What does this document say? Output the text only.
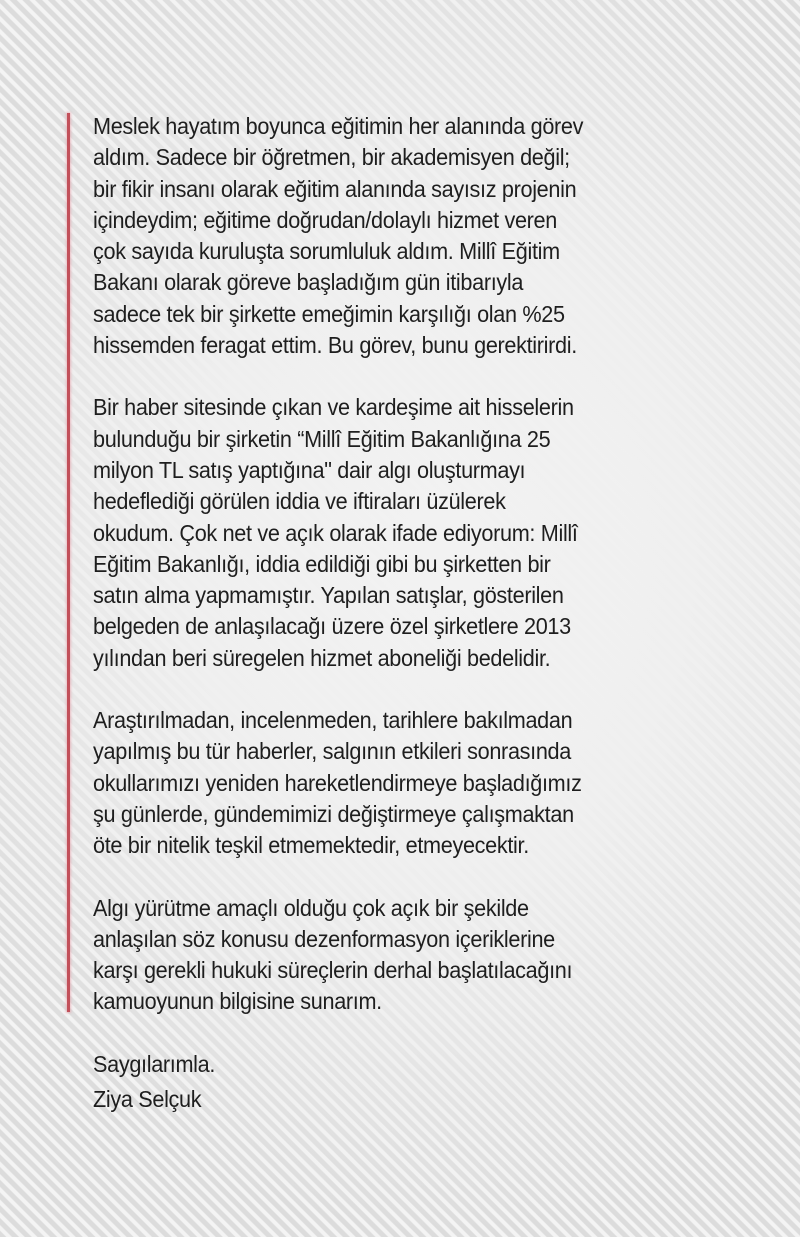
Meslek hayatım boyunca eğitimin her alanında görev
aldım. Sadece bir öğretmen, bir akademisyen değil;
bir fikir insanı olarak eğitim alanında sayısız projenin
içindeydim; eğitime doğrudan/dolaylı hizmet veren
çok sayıda kuruluşta sorumluluk aldım. Millî Eğitim
Bakanı olarak göreve başladığım gün itibarıyla
sadece tek bir şirkette emeğimin karşılığı olan %25
hissemden feragat ettim. Bu görev, bunu gerektirirdi.

Bir haber sitesinde çıkan ve kardeşime ait hisselerin
bulunduğu bir şirketin “Millî Eğitim Bakanlığına 25
milyon TL satış yaptığına" dair algı oluşturmayı
hedeflediği görülen iddia ve iftiraları üzülerek
okudum. Çok net ve açık olarak ifade ediyorum: Millî
Eğitim Bakanlığı, iddia edildiği gibi bu şirketten bir
satın alma yapmamıştır. Yapılan satışlar, gösterilen
belgeden de anlaşılacağı üzere özel şirketlere 2013
yılından beri süregelen hizmet aboneliği bedelidir.

Araştırılmadan, incelenmeden, tarihlere bakılmadan
yapılmış bu tür haberler, salgının etkileri sonrasında
okullarımızı yeniden hareketlendirmeye başladığımız
şu günlerde, gündemimizi değiştirmeye çalışmaktan
öte bir nitelik teşkil etmemektedir, etmeyecektir.

Algı yürütme amaçlı olduğu çok açık bir şekilde
anlaşılan söz konusu dezenformasyon içeriklerine
karşı gerekli hukuki süreçlerin derhal başlatılacağını
kamuoyunun bilgisine sunarım.

Saygılarımla.
Ziya Selçuk
